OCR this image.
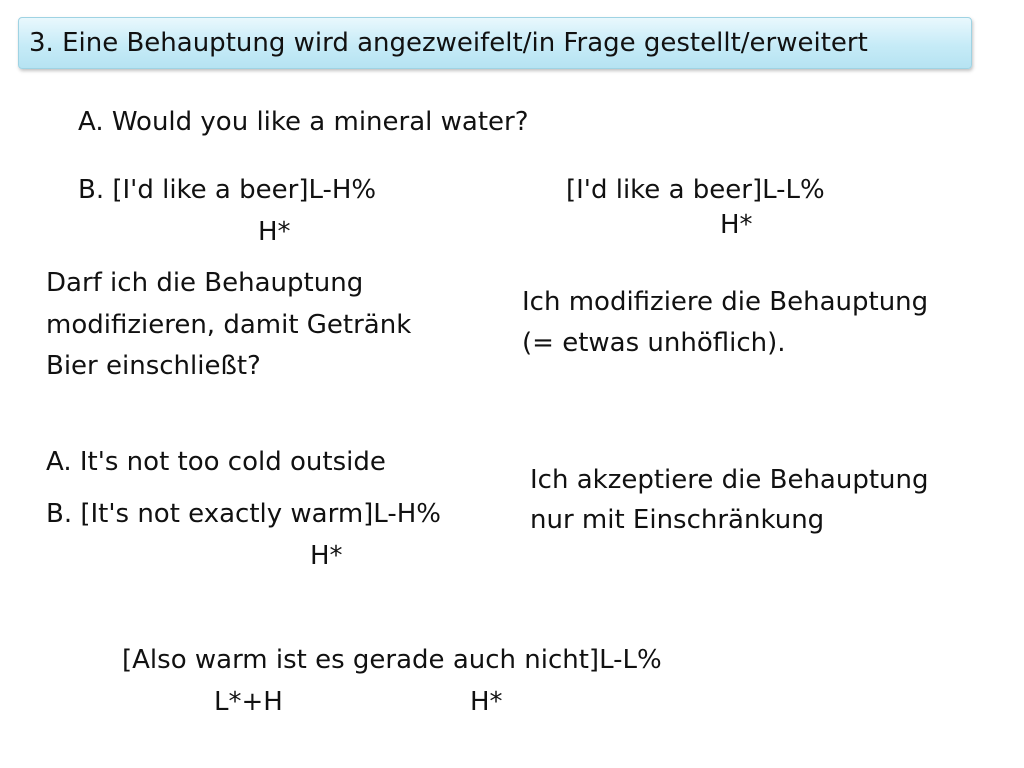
3. Eine Behauptung wird angezweifelt/in Frage gestellt/erweitert
A. Would you like a mineral water?
B. [I'd like a beer]L-H%
H*
[I'd like a beer]L-L%
H*
Darf ich die Behauptung
modifizieren, damit Getränk
Bier einschließt?
Ich modifiziere die Behauptung
(= etwas unhöflich).
A. It's not too cold outside
B. [It's not exactly warm]L-H%
H*
Ich akzeptiere die Behauptung
nur mit Einschränkung
[Also warm ist es gerade auch nicht]L-L%
L*+H	H*
